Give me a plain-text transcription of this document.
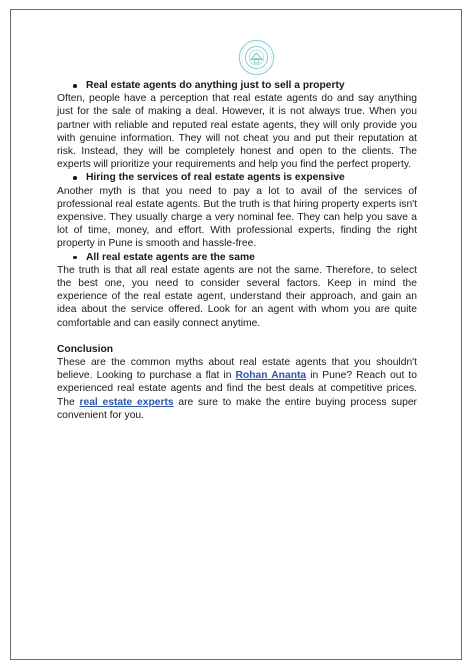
Real estate agents do anything just to sell a property

Often, people have a perception that real estate agents do and say anything just for the sale of making a deal. However, it is not always true. When you partner with reliable and reputed real estate agents, they will only provide you with genuine information. They will not cheat you and put their reputation at risk. Instead, they will be completely honest and open to the clients. The experts will prioritize your requirements and help you find the perfect property.

Hiring the services of real estate agents is expensive

Another myth is that you need to pay a lot to avail of the services of professional real estate agents. But the truth is that hiring property experts isn't expensive. They usually charge a very nominal fee. They can help you save a lot of time, money, and effort. With professional experts, finding the right property in Pune is smooth and hassle-free.

All real estate agents are the same

The truth is that all real estate agents are not the same. Therefore, to select the best one, you need to consider several factors. Keep in mind the experience of the real estate agent, understand their approach, and gain an idea about the service offered. Look for an agent with whom you are quite comfortable and can easily connect anytime.

Conclusion

These are the common myths about real estate agents that you shouldn't believe. Looking to purchase a flat in Rohan Ananta in Pune? Reach out to experienced real estate agents and find the best deals at competitive prices. The real estate experts are sure to make the entire buying process super convenient for you.
